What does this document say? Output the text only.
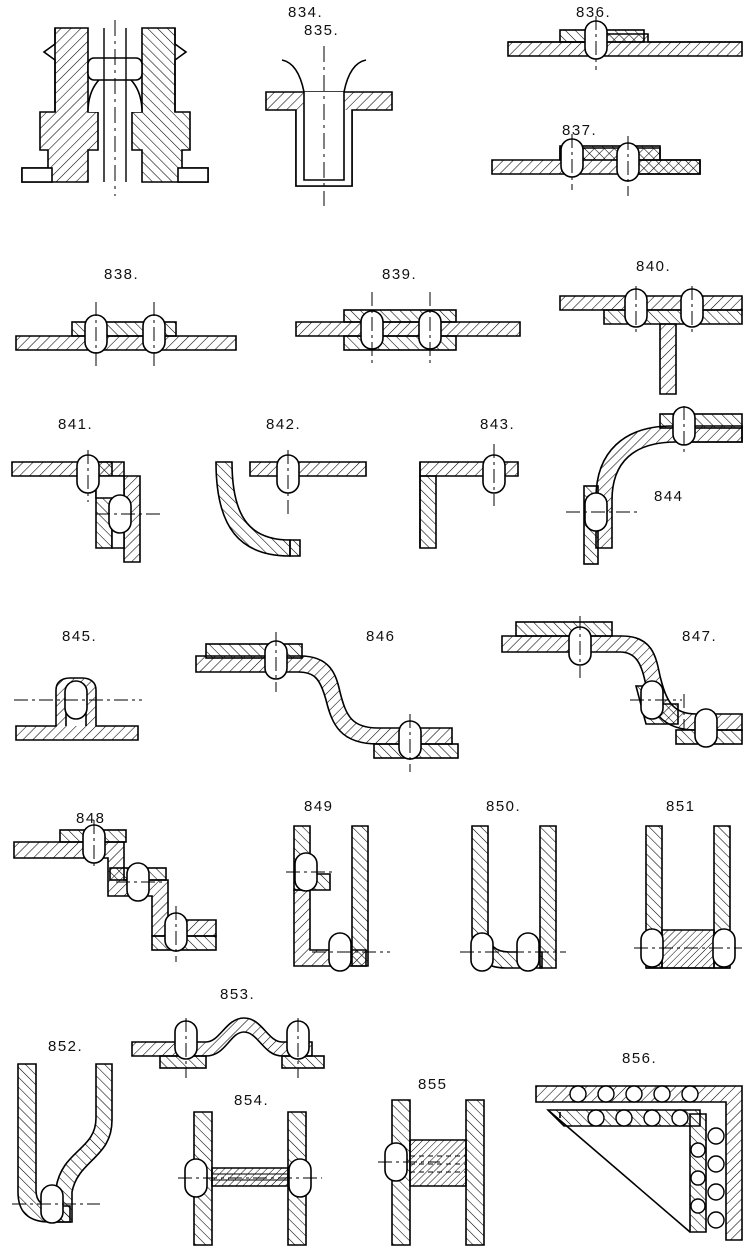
834.
835.
836.
837.
838.	839.	840.
841.	842.	843.
844
845.	846	847.
848
849	850.	851
852.
853.
854.
855
856.
